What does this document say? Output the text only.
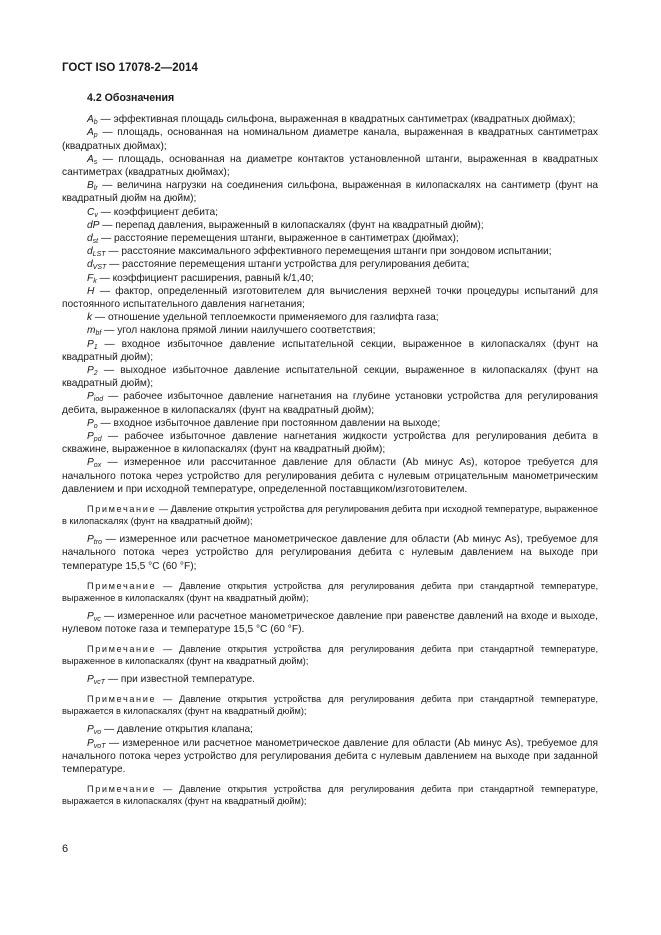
ГОСТ ISO 17078-2—2014
4.2 Обозначения

$A_b$ — эффективная площадь сильфона, выраженная в квадратных сантиметрах (квадратных дюймах);

$A_p$ — площадь, основанная на номинальном диаметре канала, выраженная в квадратных сантиметрах (квадратных дюймах);

$A_s$ — площадь, основанная на диаметре контактов установленной штанги, выраженная в квадратных сантиметрах (квадратных дюймах);

$B_{lr}$ — величина нагрузки на соединения сильфона, выраженная в килопаскалях на сантиметр (фунт на квадратный дюйм на дюйм);

$C_v$ — коэффициент дебита;

dP — перепад давления, выраженный в килопаскалях (фунт на квадратный дюйм);

$d_{st}$ — расстояние перемещения штанги, выраженное в сантиметрах (дюймах);

$d_{LST}$ — расстояние максимального эффективного перемещения штанги при зондовом испытании;

$d_{VST}$ — расстояние перемещения штанги устройства для регулирования дебита;

$F_k$ — коэффициент расширения, равный k/1,40;

H — фактор, определенный изготовителем для вычисления верхней точки процедуры испытаний для постоянного испытательного давления нагнетания;

k — отношение удельной теплоемкости применяемого для газлифта газа;

$m_{bf}$ — угол наклона прямой линии наилучшего соответствия;

$P_1$ — входное избыточное давление испытательной секции, выраженное в килопаскалях (фунт на квадратный дюйм);

$P_2$ — выходное избыточное давление испытательной секции, выраженное в килопаскалях (фунт на квадратный дюйм);

$P_{iod}$ — рабочее избыточное давление нагнетания на глубине установки устройства для регулирования дебита, выраженное в килопаскалях (фунт на квадратный дюйм);

$P_o$ — входное избыточное давление при постоянном давлении на выходе;

$P_{pd}$ — рабочее избыточное давление нагнетания жидкости устройства для регулирования дебита в скважине, выраженное в килопаскалях (фунт на квадратный дюйм);

$P_{ox}$ — измеренное или рассчитанное давление для области (Ab минус As), которое требуется для начального потока через устройство для регулирования дебита с нулевым отрицательным манометрическим давлением и при исходной температуре, определенной поставщиком/изготовителем.

Примечание — Давление открытия устройства для регулирования дебита при исходной температуре, выраженное в килопаскалях (фунт на квадратный дюйм);

$P_{tro}$ — измеренное или расчетное манометрическое давление для области (Ab минус As), требуемое для начального потока через устройство для регулирования дебита с нулевым давлением на выходе при температуре 15,5 °С (60 °F);

Примечание — Давление открытия устройства для регулирования дебита при стандартной температуре, выраженное в килопаскалях (фунт на квадратный дюйм);

$P_{vc}$ — измеренное или расчетное манометрическое давление при равенстве давлений на входе и выходе, нулевом потоке газа и температуре 15,5 °С (60 °F).

Примечание — Давление открытия устройства для регулирования дебита при стандартной температуре, выраженное в килопаскалях (фунт на квадратный дюйм);

$P_{vcT}$ — при известной температуре.

Примечание — Давление открытия устройства для регулирования дебита при стандартной температуре, выражается в килопаскалях (фунт на квадратный дюйм);

$P_{vo}$ — давление открытия клапана;

$P_{voT}$ — измеренное или расчетное манометрическое давление для области (Ab минус As), требуемое для начального потока через устройство для регулирования дебита с нулевым давлением на выходе при заданной температуре.

Примечание — Давление открытия устройства для регулирования дебита при стандартной температуре, выражается в килопаскалях (фунт на квадратный дюйм);

6
